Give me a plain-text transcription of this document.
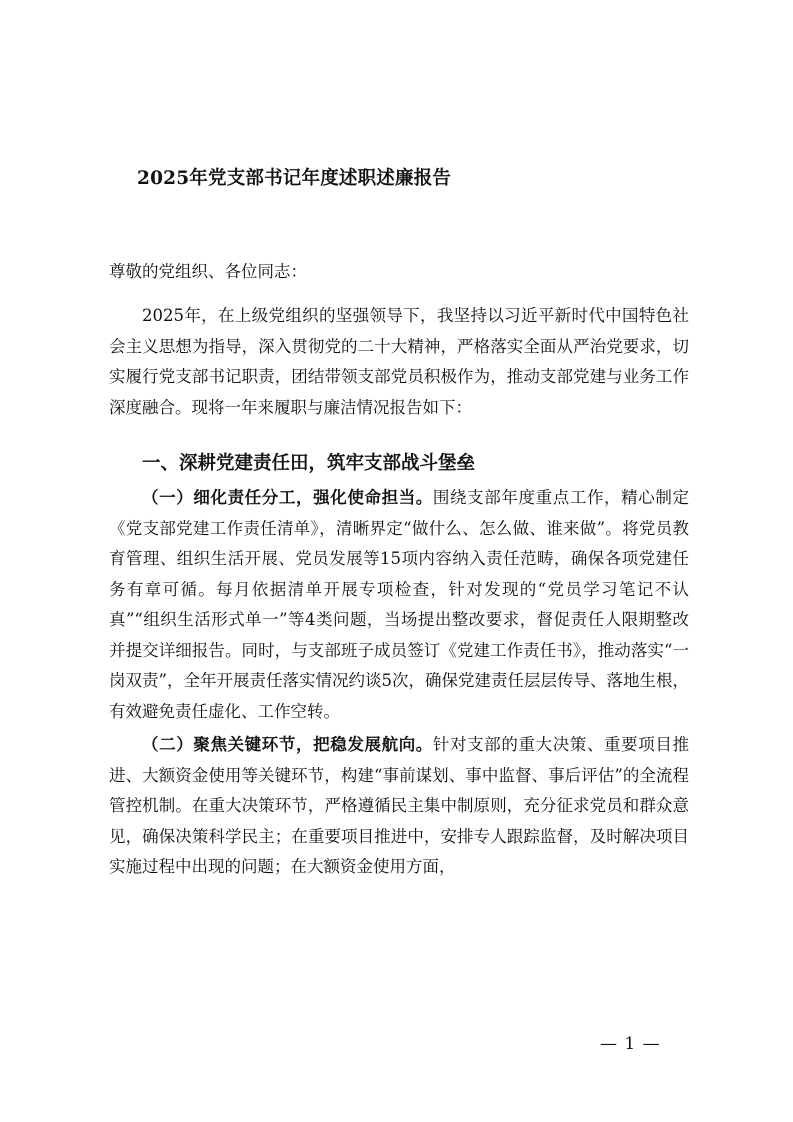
2025年党支部书记年度述职述廉报告
尊敬的党组织、各位同志：

2025年，在上级党组织的坚强领导下，我坚持以习近平新时代中国特色社会主义思想为指导，深入贯彻党的二十大精神，严格落实全面从严治党要求，切实履行党支部书记职责，团结带领支部党员积极作为，推动支部党建与业务工作深度融合。现将一年来履职与廉洁情况报告如下：

一、深耕党建责任田，筑牢支部战斗堡垒

（一）细化责任分工，强化使命担当。围绕支部年度重点工作，精心制定《党支部党建工作责任清单》，清晰界定“做什么、怎么做、谁来做”。将党员教育管理、组织生活开展、党员发展等15项内容纳入责任范畴，确保各项党建任务有章可循。每月依据清单开展专项检查，针对发现的“党员学习笔记不认真”“组织生活形式单一”等4类问题，当场提出整改要求，督促责任人限期整改并提交详细报告。同时，与支部班子成员签订《党建工作责任书》，推动落实“一岗双责”，全年开展责任落实情况约谈5次，确保党建责任层层传导、落地生根，有效避免责任虚化、工作空转。

（二）聚焦关键环节，把稳发展航向。针对支部的重大决策、重要项目推进、大额资金使用等关键环节，构建“事前谋划、事中监督、事后评估”的全流程管控机制。在重大决策环节，严格遵循民主集中制原则，充分征求党员和群众意见，确保决策科学民主；在重要项目推进中，安排专人跟踪监督，及时解决项目实施过程中出现的问题；在大额资金使用方面，

— 1 —
